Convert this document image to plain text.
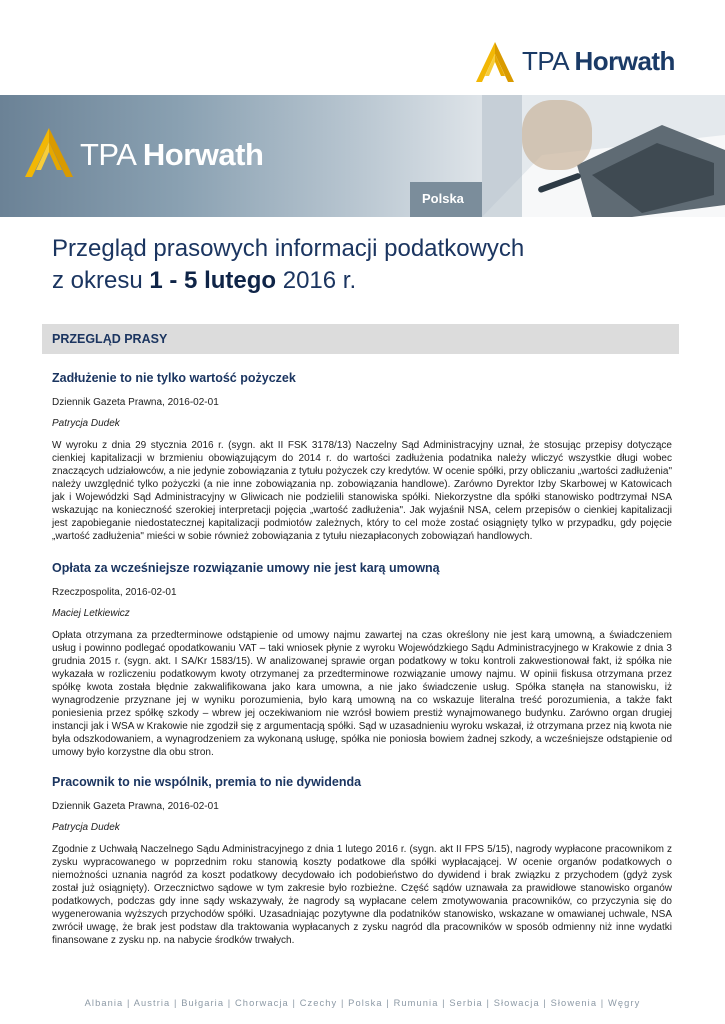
TPA Horwath
TPA Horwath
Polska
Przegląd prasowych informacji podatkowych
z okresu 1 - 5 lutego 2016 r.
PRZEGLĄD PRASY

Zadłużenie to nie tylko wartość pożyczek

Dziennik Gazeta Prawna, 2016-02-01

Patrycja Dudek

W wyroku z dnia 29 stycznia 2016 r. (sygn. akt II FSK 3178/13) Naczelny Sąd Administracyjny uznał, że stosując przepisy dotyczące cienkiej kapitalizacji w brzmieniu obowiązującym do 2014 r. do wartości zadłużenia podatnika należy wliczyć wszystkie długi wobec znaczących udziałowców, a nie jedynie zobowiązania z tytułu pożyczek czy kredytów. W ocenie spółki, przy obliczaniu „wartości zadłużenia" należy uwzględnić tylko pożyczki (a nie inne zobowiązania np. zobowiązania handlowe). Zarówno Dyrektor Izby Skarbowej w Katowicach jak i Wojewódzki Sąd Administracyjny w Gliwicach nie podzielili stanowiska spółki. Niekorzystne dla spółki stanowisko podtrzymał NSA wskazując na konieczność szerokiej interpretacji pojęcia „wartość zadłużenia". Jak wyjaśnił NSA, celem przepisów o cienkiej kapitalizacji jest zapobieganie niedostatecznej kapitalizacji podmiotów zależnych, który to cel może zostać osiągnięty tylko w przypadku, gdy pojęcie „wartość zadłużenia" mieści w sobie również zobowiązania z tytułu niezapłaconych zobowiązań handlowych.

Opłata za wcześniejsze rozwiązanie umowy nie jest karą umowną

Rzeczpospolita, 2016-02-01

Maciej Letkiewicz

Opłata otrzymana za przedterminowe odstąpienie od umowy najmu zawartej na czas określony nie jest karą umowną, a świadczeniem usług i powinno podlegać opodatkowaniu VAT – taki wniosek płynie z wyroku Wojewódzkiego Sądu Administracyjnego w Krakowie z dnia 3 grudnia 2015 r. (sygn. akt. I SA/Kr 1583/15). W analizowanej sprawie organ podatkowy w toku kontroli zakwestionował fakt, iż spółka nie wykazała w rozliczeniu podatkowym kwoty otrzymanej za przedterminowe rozwiązanie umowy najmu. W opinii fiskusa otrzymana przez spółkę kwota została błędnie zakwalifikowana jako kara umowna, a nie jako świadczenie usług. Spółka stanęła na stanowisku, iż wynagrodzenie przyznane jej w wyniku porozumienia, było karą umowną na co wskazuje literalna treść porozumienia, a także fakt poniesienia przez spółkę szkody – wbrew jej oczekiwaniom nie wzrósł bowiem prestiż wynajmowanego budynku. Zarówno organ drugiej instancji jak i WSA w Krakowie nie zgodził się z argumentacją spółki. Sąd w uzasadnieniu wyroku wskazał, iż otrzymana przez nią kwota nie była odszkodowaniem, a wynagrodzeniem za wykonaną usługę, spółka nie poniosła bowiem żadnej szkody, a wcześniejsze odstąpienie od umowy było korzystne dla obu stron.

Pracownik to nie wspólnik, premia to nie dywidenda

Dziennik Gazeta Prawna, 2016-02-01

Patrycja Dudek

Zgodnie z Uchwałą Naczelnego Sądu Administracyjnego z dnia 1 lutego 2016 r. (sygn. akt II FPS 5/15), nagrody wypłacone pracownikom z zysku wypracowanego w poprzednim roku stanowią koszty podatkowe dla spółki wypłacającej. W ocenie organów podatkowych o niemożności uznania nagród za koszt podatkowy decydowało ich podobieństwo do dywidend i brak związku z przychodem (gdyż zysk został już osiągnięty). Orzecznictwo sądowe w tym zakresie było rozbieżne. Część sądów uznawała za prawidłowe stanowisko organów podatkowych, podczas gdy inne sądy wskazywały, że nagrody są wypłacane celem zmotywowania pracowników, co przyczynia się do wygenerowania wyższych przychodów spółki. Uzasadniając pozytywne dla podatników stanowisko, wskazane w omawianej uchwale, NSA zwrócił uwagę, że brak jest podstaw dla traktowania wypłacanych z zysku nagród dla pracowników w sposób odmienny niż inne wydatki finansowane z zysku np. na nabycie środków trwałych.

Albania | Austria | Bułgaria | Chorwacja | Czechy | Polska | Rumunia | Serbia | Słowacja | Słowenia | Węgry
